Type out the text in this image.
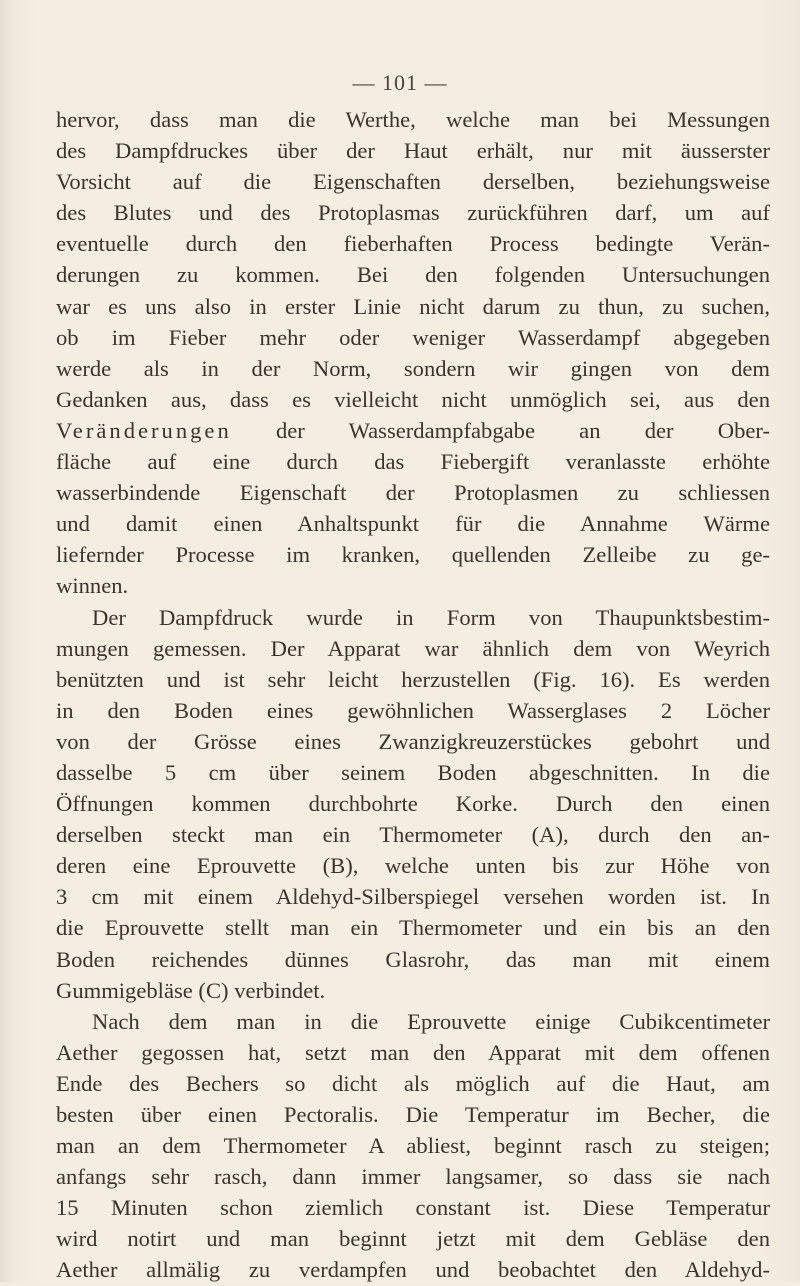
— 101 —
hervor, dass man die Werthe, welche man bei Messungen
des Dampfdruckes über der Haut erhält, nur mit äusserster
Vorsicht auf die Eigenschaften derselben, beziehungsweise
des Blutes und des Protoplasmas zurückführen darf, um auf
eventuelle durch den fieberhaften Process bedingte Verän-
derungen zu kommen. Bei den folgenden Untersuchungen
war es uns also in erster Linie nicht darum zu thun, zu suchen,
ob im Fieber mehr oder weniger Wasserdampf abgegeben
werde als in der Norm, sondern wir gingen von dem
Gedanken aus, dass es vielleicht nicht unmöglich sei, aus den
Veränderungen der Wasserdampfabgabe an der Ober-
fläche auf eine durch das Fiebergift veranlasste erhöhte
wasserbindende Eigenschaft der Protoplasmen zu schliessen
und damit einen Anhaltspunkt für die Annahme Wärme
liefernder Processe im kranken, quellenden Zelleibe zu ge-
winnen.
Der Dampfdruck wurde in Form von Thaupunktsbestim-
mungen gemessen. Der Apparat war ähnlich dem von Weyrich
benützten und ist sehr leicht herzustellen (Fig. 16). Es werden
in den Boden eines gewöhnlichen Wasserglases 2 Löcher
von der Grösse eines Zwanzigkreuzerstückes gebohrt und
dasselbe 5 cm über seinem Boden abgeschnitten. In die
Öffnungen kommen durchbohrte Korke. Durch den einen
derselben steckt man ein Thermometer (A), durch den an-
deren eine Eprouvette (B), welche unten bis zur Höhe von
3 cm mit einem Aldehyd-Silberspiegel versehen worden ist. In
die Eprouvette stellt man ein Thermometer und ein bis an den
Boden reichendes dünnes Glasrohr, das man mit einem
Gummigebläse (C) verbindet.
Nach dem man in die Eprouvette einige Cubikcentimeter
Aether gegossen hat, setzt man den Apparat mit dem offenen
Ende des Bechers so dicht als möglich auf die Haut, am
besten über einen Pectoralis. Die Temperatur im Becher, die
man an dem Thermometer A abliest, beginnt rasch zu steigen;
anfangs sehr rasch, dann immer langsamer, so dass sie nach
15 Minuten schon ziemlich constant ist. Diese Temperatur
wird notirt und man beginnt jetzt mit dem Gebläse den
Aether allmälig zu verdampfen und beobachtet den Aldehyd-
